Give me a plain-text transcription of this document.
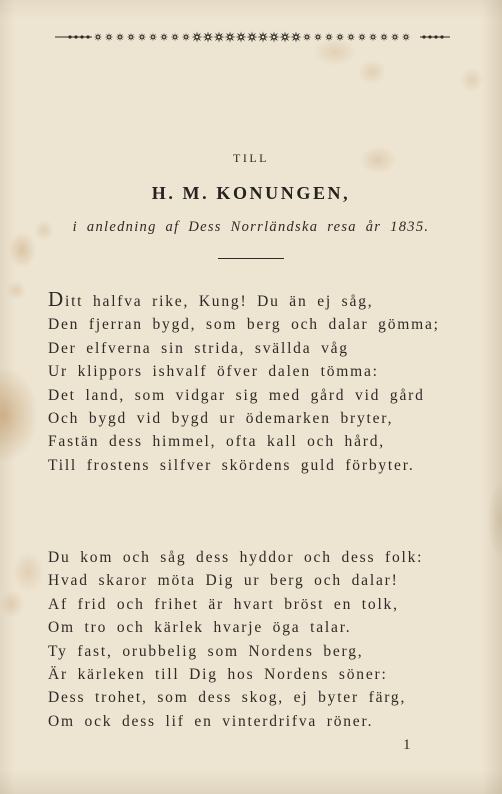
TILL
H. M. KONUNGEN,
i anledning af Dess Norrländska resa år 1835.
Ditt halfva rike, Kung! Du än ej såg,
Den fjerran bygd, som berg och dalar gömma;
Der elfverna sin strida, svällda våg
Ur klippors ishvalf öfver dalen tömma:
Det land, som vidgar sig med gård vid gård
Och bygd vid bygd ur ödemarken bryter,
Fastän dess himmel, ofta kall och hård,
Till frostens silfver skördens guld förbyter.
Du kom och såg dess hyddor och dess folk:
Hvad skaror möta Dig ur berg och dalar!
Af frid och frihet är hvart bröst en tolk,
Om tro och kärlek hvarje öga talar.
Ty fast, orubbelig som Nordens berg,
Är kärleken till Dig hos Nordens söner:
Dess trohet, som dess skog, ej byter färg,
Om ock dess lif en vinterdrifva röner.
1
